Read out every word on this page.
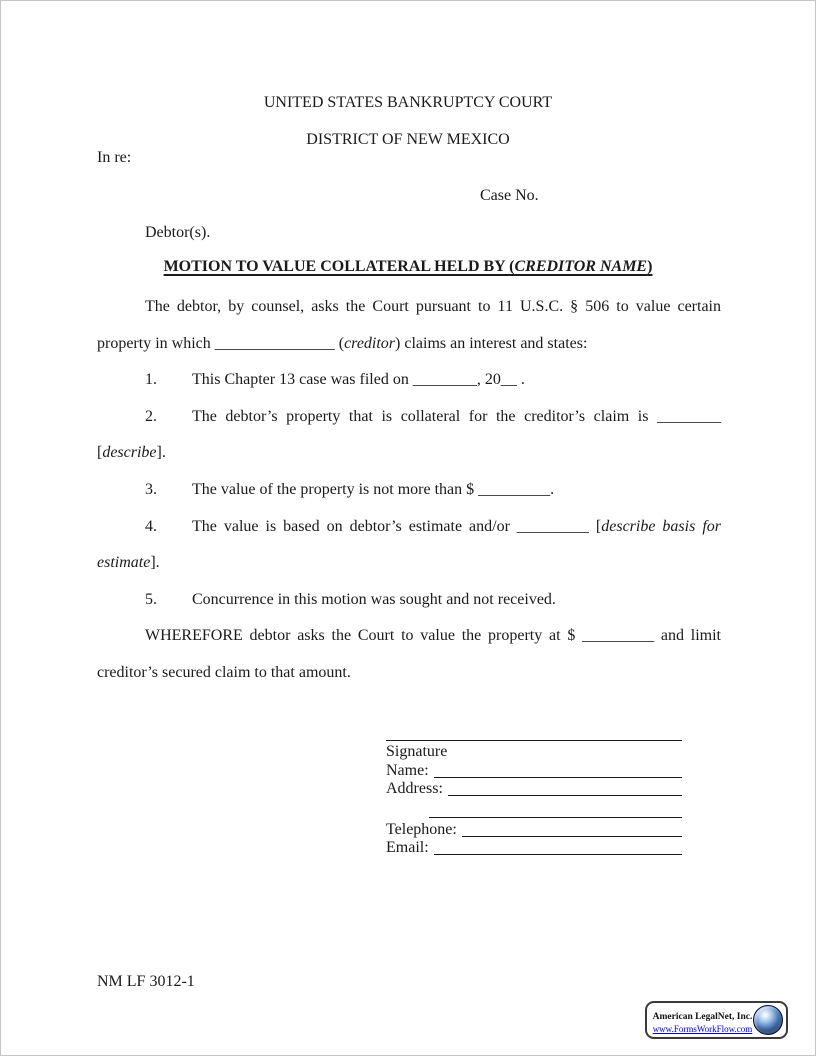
UNITED STATES BANKRUPTCY COURT
DISTRICT OF NEW MEXICO
In re:
Case No.
Debtor(s).
MOTION TO VALUE COLLATERAL HELD BY (CREDITOR NAME)

The debtor, by counsel, asks the Court pursuant to 11 U.S.C. § 506 to value certain property in which _______________ (creditor) claims an interest and states:

1. This Chapter 13 case was filed on ________, 20__ .

2. The debtor’s property that is collateral for the creditor’s claim is ________ [describe].

3. The value of the property is not more than $ _________.

4. The value is based on debtor’s estimate and/or _________ [describe basis for estimate].

5. Concurrence in this motion was sought and not received.

WHEREFORE debtor asks the Court to value the property at $ _________ and limit creditor’s secured claim to that amount.

Signature
Name:
Address:
Telephone:
Email:
NM LF 3012-1
American LegalNet, Inc.
www.FormsWorkFlow.com
